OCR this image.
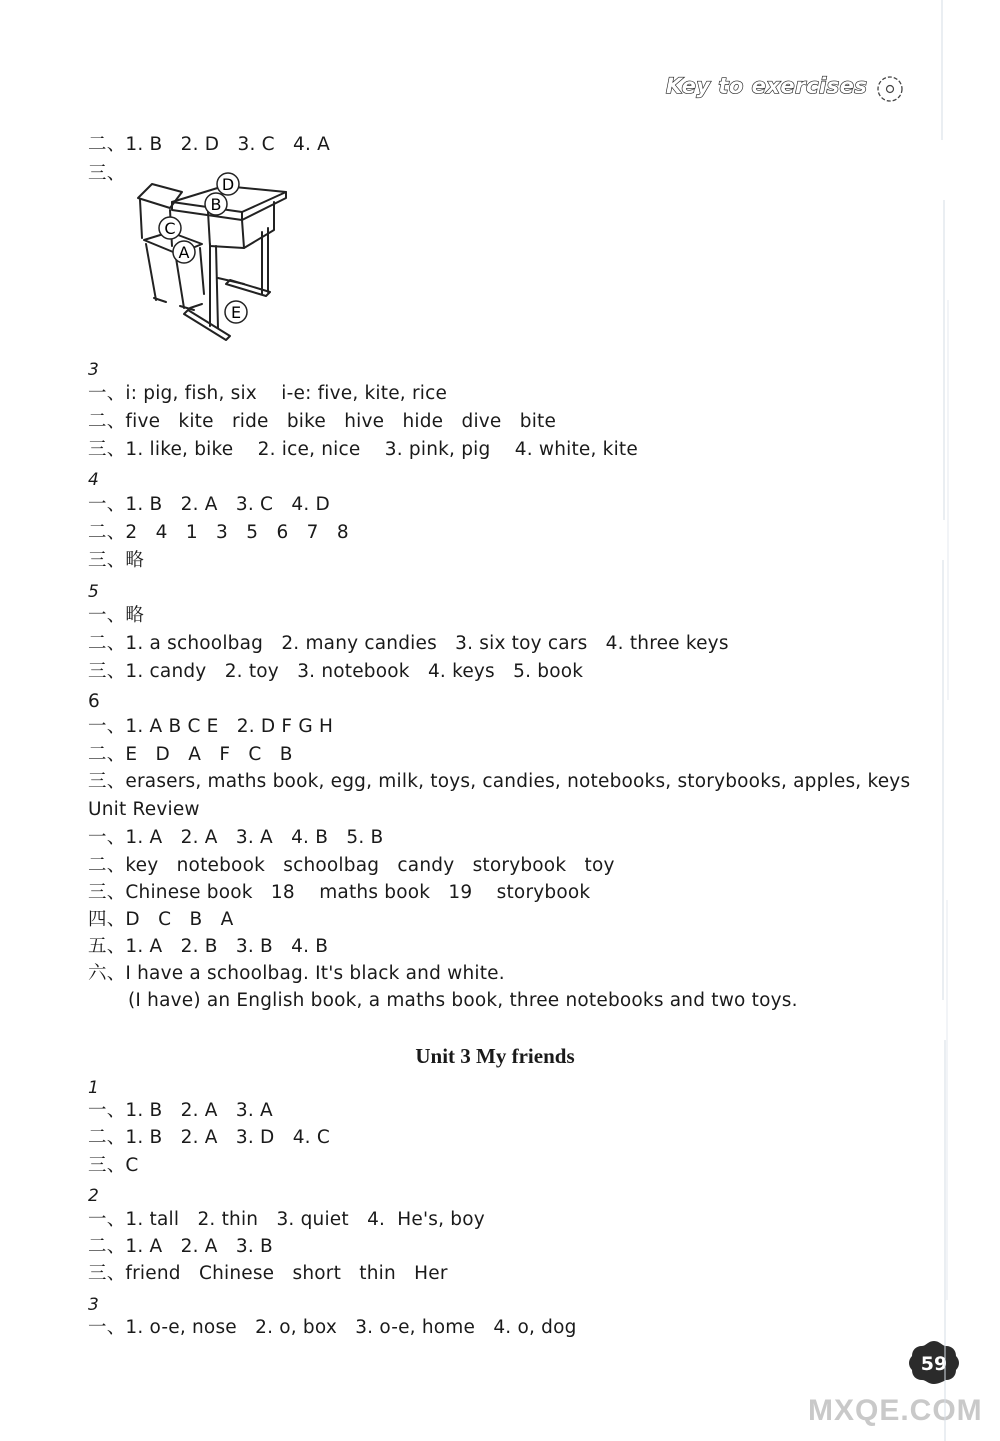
Key to exercises
二、1. B   2. D   3. C   4. A
三、
D
B
C
A
E
3
一、i: pig, fish, six    i-e: five, kite, rice
二、five   kite   ride   bike   hive   hide   dive   bite
三、1. like, bike    2. ice, nice    3. pink, pig    4. white, kite
4
一、1. B   2. A   3. C   4. D
二、2   4   1   3   5   6   7   8
三、略
5
一、略
二、1. a schoolbag   2. many candies   3. six toy cars   4. three keys
三、1. candy   2. toy   3. notebook   4. keys   5. book
6
一、1. A B C E   2. D F G H
二、E   D   A   F   C   B
三、erasers, maths book, egg, milk, toys, candies, notebooks, storybooks, apples, keys
Unit Review
一、1. A   2. A   3. A   4. B   5. B
二、key   notebook   schoolbag   candy   storybook   toy
三、Chinese book   18    maths book   19    storybook
四、D   C   B   A
五、1. A   2. B   3. B   4. B
六、I have a schoolbag. It's black and white.
(I have) an English book, a maths book, three notebooks and two toys.
Unit 3 My friends
1
一、1. B   2. A   3. A
二、1. B   2. A   3. D   4. C
三、C
2
一、1. tall   2. thin   3. quiet   4.  He's, boy
二、1. A   2. A   3. B
三、friend   Chinese   short   thin   Her
3
一、1. o-e, nose   2. o, box   3. o-e, home   4. o, dog
59
MXQE.COM
